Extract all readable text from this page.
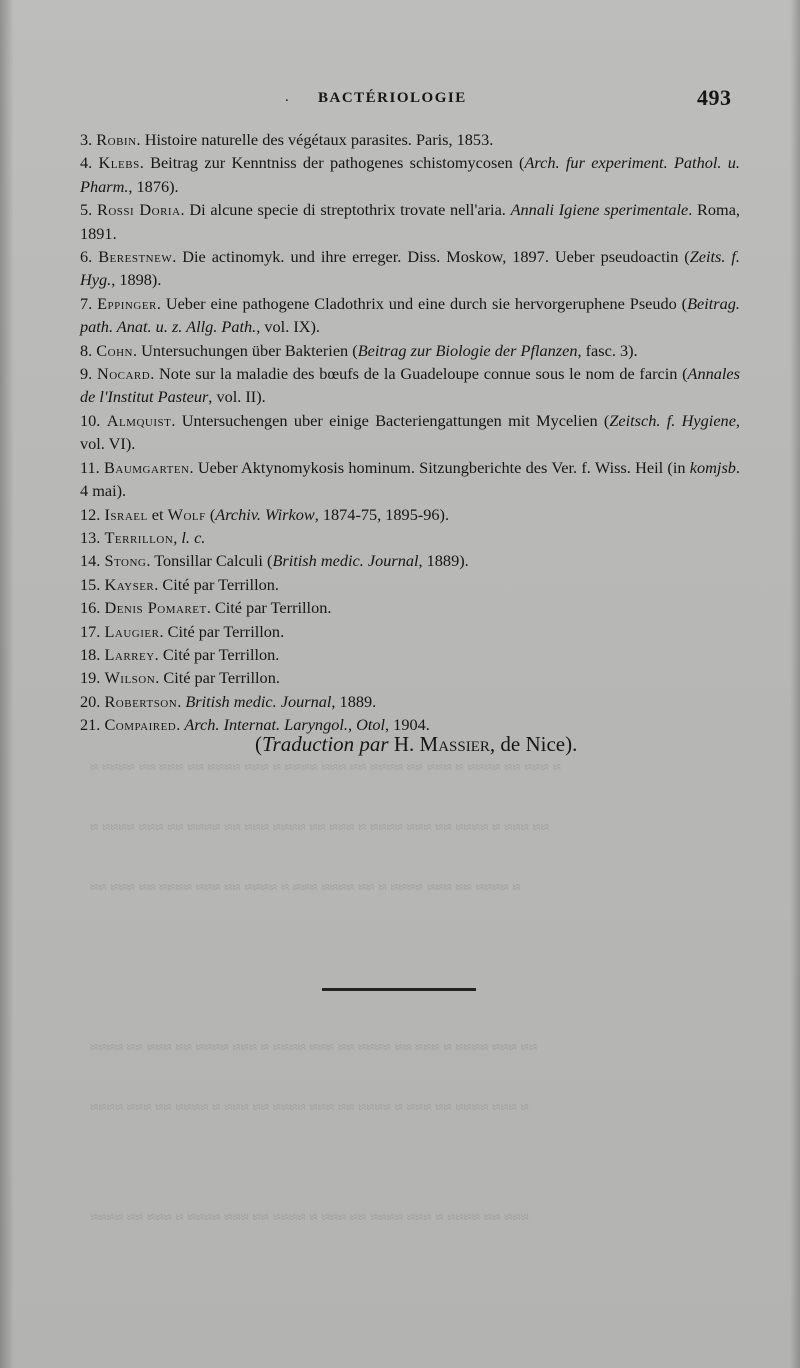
. BACTÉRIOLOGIE	493
3. Robin. Histoire naturelle des végétaux parasites. Paris, 1853.
4. Klebs. Beitrag zur Kenntniss der pathogenes schistomycosen (Arch. fur experiment. Pathol. u. Pharm., 1876).
5. Rossi Doria. Di alcune specie di streptothrix trovate nell'aria. Annali Igiene sperimentale. Roma, 1891.
6. Berestnew. Die actinomyk. und ihre erreger. Diss. Moskow, 1897. Ueber pseudoactin (Zeits. f. Hyg., 1898).
7. Eppinger. Ueber eine pathogene Cladothrix und eine durch sie hervorgeruphene Pseudo (Beitrag. path. Anat. u. z. Allg. Path., vol. IX).
8. Cohn. Untersuchungen über Bakterien (Beitrag zur Biologie der Pflanzen, fasc. 3).
9. Nocard. Note sur la maladie des bœufs de la Guadeloupe connue sous le nom de farcin (Annales de l'Institut Pasteur, vol. II).
10. Almquist. Untersuchengen uber einige Bacteriengattungen mit Mycelien (Zeitsch. f. Hygiene, vol. VI).
11. Baumgarten. Ueber Aktynomykosis hominum. Sitzungberichte des Ver. f. Wiss. Heil (in komjsb. 4 mai).
12. Israel et Wolf (Archiv. Wirkow, 1874-75, 1895-96).
13. Terrillon, l. c.
14. Stong. Tonsillar Calculi (British medic. Journal, 1889).
15. Kayser. Cité par Terrillon.
16. Denis Pomaret. Cité par Terrillon.
17. Laugier. Cité par Terrillon.
18. Larrey. Cité par Terrillon.
19. Wilson. Cité par Terrillon.
20. Robertson. British medic. Journal, 1889.
21. Compaired. Arch. Internat. Laryngol., Otol, 1904.
(Traduction par H. Massier, de Nice).
≈ ≈≈≈ ≈≈ ≈≈≈≈ ≈ ≈≈≈ ≈≈ ≈≈≈≈ ≈≈ ≈≈≈ ≈≈≈≈ ≈ ≈≈≈ ≈≈≈≈ ≈≈ ≈≈≈ ≈≈ ≈≈≈≈ ≈
≈≈ ≈≈≈ ≈ ≈≈≈≈ ≈≈ ≈≈≈ ≈≈≈≈ ≈ ≈≈≈ ≈≈ ≈≈≈≈ ≈≈≈ ≈≈ ≈≈≈≈ ≈≈ ≈≈≈ ≈≈≈≈ ≈
≈ ≈≈≈≈ ≈≈ ≈≈≈ ≈≈≈≈ ≈ ≈≈ ≈≈≈≈ ≈≈≈ ≈ ≈≈≈≈ ≈≈ ≈≈≈ ≈≈≈≈ ≈≈ ≈≈≈ ≈≈
≈≈ ≈≈≈ ≈≈≈≈ ≈ ≈≈≈ ≈≈ ≈≈≈≈ ≈≈ ≈≈≈ ≈≈≈≈ ≈ ≈≈≈ ≈≈≈≈ ≈≈ ≈≈≈ ≈≈ ≈≈≈≈
≈ ≈≈≈ ≈≈≈≈ ≈≈ ≈≈≈ ≈ ≈≈≈≈ ≈≈ ≈≈≈ ≈≈≈≈ ≈≈ ≈≈≈ ≈ ≈≈≈≈ ≈≈ ≈≈≈ ≈≈≈≈
≈≈≈ ≈≈ ≈≈≈≈ ≈ ≈≈≈ ≈≈≈≈ ≈≈ ≈≈≈ ≈ ≈≈≈≈ ≈≈ ≈≈≈ ≈≈≈≈ ≈ ≈≈≈ ≈≈ ≈≈≈≈
